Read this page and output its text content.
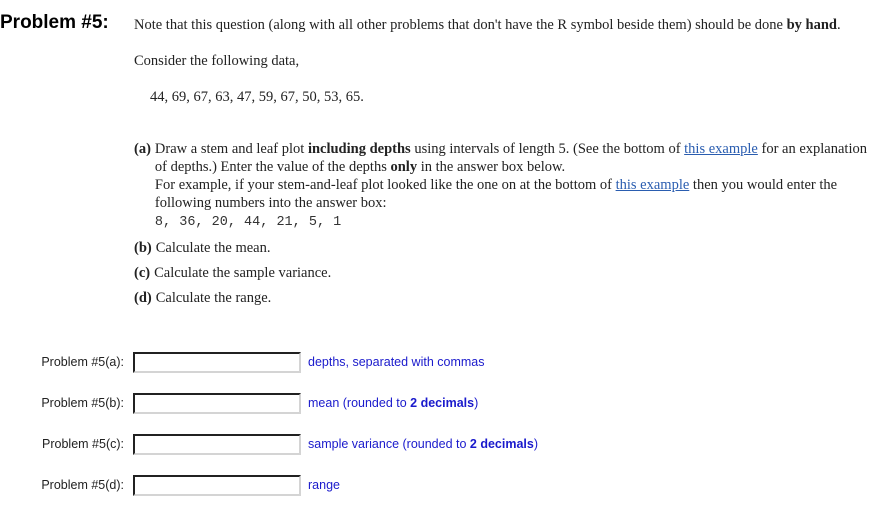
Problem #5: Note that this question (along with all other problems that don't have the R symbol beside them) should be done by hand.

Consider the following data,

44, 69, 67, 63, 47, 59, 67, 50, 53, 65.

(a) Draw a stem and leaf plot including depths using intervals of length 5. (See the bottom of this example for an explanation of depths.) Enter the value of the depths only in the answer box below.
For example, if your stem-and-leaf plot looked like the one on at the bottom of this example then you would enter the following numbers into the answer box:
8, 36, 20, 44, 21, 5, 1
(b) Calculate the mean.
(c) Calculate the sample variance.
(d) Calculate the range.
Problem #5(a):	depths, separated with commas
Problem #5(b):	mean (rounded to 2 decimals)
Problem #5(c):	sample variance (rounded to 2 decimals)
Problem #5(d):	range
